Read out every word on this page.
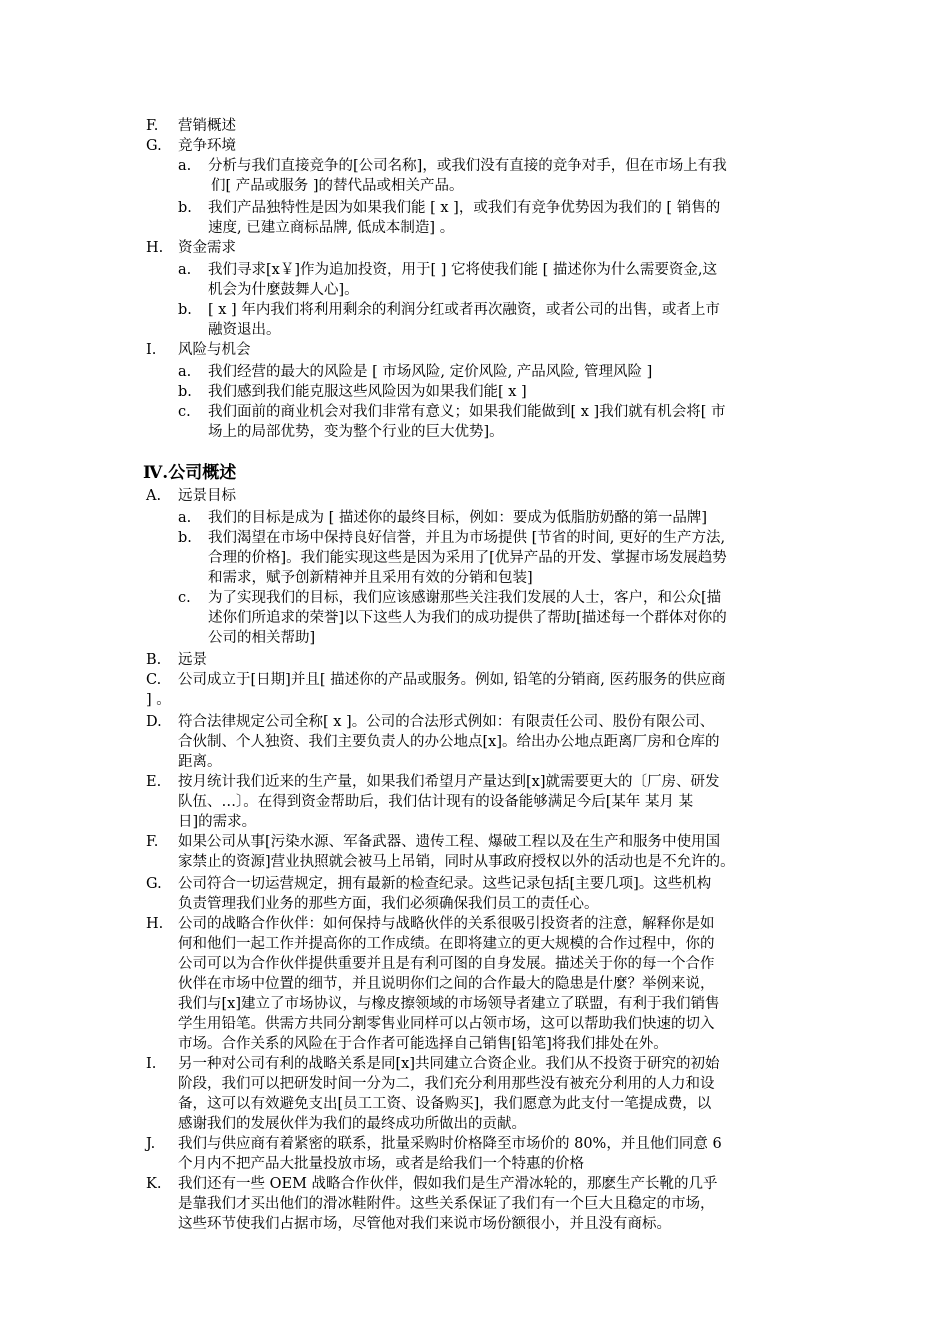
F. 营销概述
G. 竞争环境
a. 分析与我们直接竞争的[公司名称]，或我们没有直接的竞争对手，但在市场上有我
们[ 产品或服务 ]的替代品或相关产品。
b. 我们产品独特性是因为如果我们能 [ x ]，或我们有竞争优势因为我们的 [ 销售的
速度, 已建立商标品牌, 低成本制造] 。
H. 资金需求
a. 我们寻求[x￥]作为追加投资，用于[ ] 它将使我们能 [ 描述你为什么需要资金,这
机会为什麼鼓舞人心]。
b. [ x ] 年内我们将利用剩余的利润分红或者再次融资，或者公司的出售，或者上市
融资退出。
I. 风险与机会
a. 我们经营的最大的风险是 [ 市场风险, 定价风险, 产品风险, 管理风险 ]
b. 我们感到我们能克服这些风险因为如果我们能[ x ]
c. 我们面前的商业机会对我们非常有意义；如果我们能做到[ x ]我们就有机会将[ 市
场上的局部优势，变为整个行业的巨大优势]。
Ⅳ.公司概述
A. 远景目标
a. 我们的目标是成为 [ 描述你的最终目标，例如：要成为低脂肪奶酪的第一品牌]
b. 我们渴望在市场中保持良好信誉，并且为市场提供 [节省的时间, 更好的生产方法,
合理的价格]。我们能实现这些是因为采用了[优异产品的开发、掌握市场发展趋势
和需求，赋予创新精神并且采用有效的分销和包装]
c. 为了实现我们的目标，我们应该感谢那些关注我们发展的人士，客户，和公众[描
述你们所追求的荣誉]以下这些人为我们的成功提供了帮助[描述每一个群体对你的
公司的相关帮助]
B. 远景
C. 公司成立于[日期]并且[ 描述你的产品或服务。例如, 铅笔的分销商, 医药服务的供应商
] 。
D. 符合法律规定公司全称[ x ]。公司的合法形式例如：有限责任公司、股份有限公司、
合伙制、个人独资、我们主要负责人的办公地点[x]。给出办公地点距离厂房和仓库的
距离。
E. 按月统计我们近来的生产量，如果我们希望月产量达到[x]就需要更大的〔厂房、研发
队伍、…〕。在得到资金帮助后，我们估计现有的设备能够满足今后[某年 某月 某
日]的需求。
F. 如果公司从事[污染水源、军备武器、遗传工程、爆破工程以及在生产和服务中使用国
家禁止的资源]营业执照就会被马上吊销，同时从事政府授权以外的活动也是不允许的。
G. 公司符合一切运营规定，拥有最新的检查纪录。这些记录包括[主要几项]。这些机构
负责管理我们业务的那些方面，我们必须确保我们员工的责任心。
H. 公司的战略合作伙伴：如何保持与战略伙伴的关系很吸引投资者的注意，解释你是如
何和他们一起工作并提高你的工作成绩。在即将建立的更大规模的合作过程中，你的
公司可以为合作伙伴提供重要并且是有利可图的自身发展。描述关于你的每一个合作
伙伴在市场中位置的细节，并且说明你们之间的合作最大的隐患是什麼？举例来说，
我们与[x]建立了市场协议，与橡皮擦领域的市场领导者建立了联盟，有利于我们销售
学生用铅笔。供需方共同分割零售业同样可以占领市场，这可以帮助我们快速的切入
市场。合作关系的风险在于合作者可能选择自己销售[铅笔]将我们排处在外。
I. 另一种对公司有利的战略关系是同[x]共同建立合资企业。我们从不投资于研究的初始
阶段，我们可以把研发时间一分为二，我们充分利用那些没有被充分利用的人力和设
备，这可以有效避免支出[员工工资、设备购买]，我们愿意为此支付一笔提成费，以
感谢我们的发展伙伴为我们的最终成功所做出的贡献。
J. 我们与供应商有着紧密的联系，批量采购时价格降至市场价的 80%，并且他们同意 6
个月内不把产品大批量投放市场，或者是给我们一个特惠的价格
K. 我们还有一些 OEM 战略合作伙伴，假如我们是生产滑冰轮的，那麽生产长靴的几乎
是靠我们才买出他们的滑冰鞋附件。这些关系保证了我们有一个巨大且稳定的市场，
这些环节使我们占据市场，尽管他对我们来说市场份额很小，并且没有商标。
